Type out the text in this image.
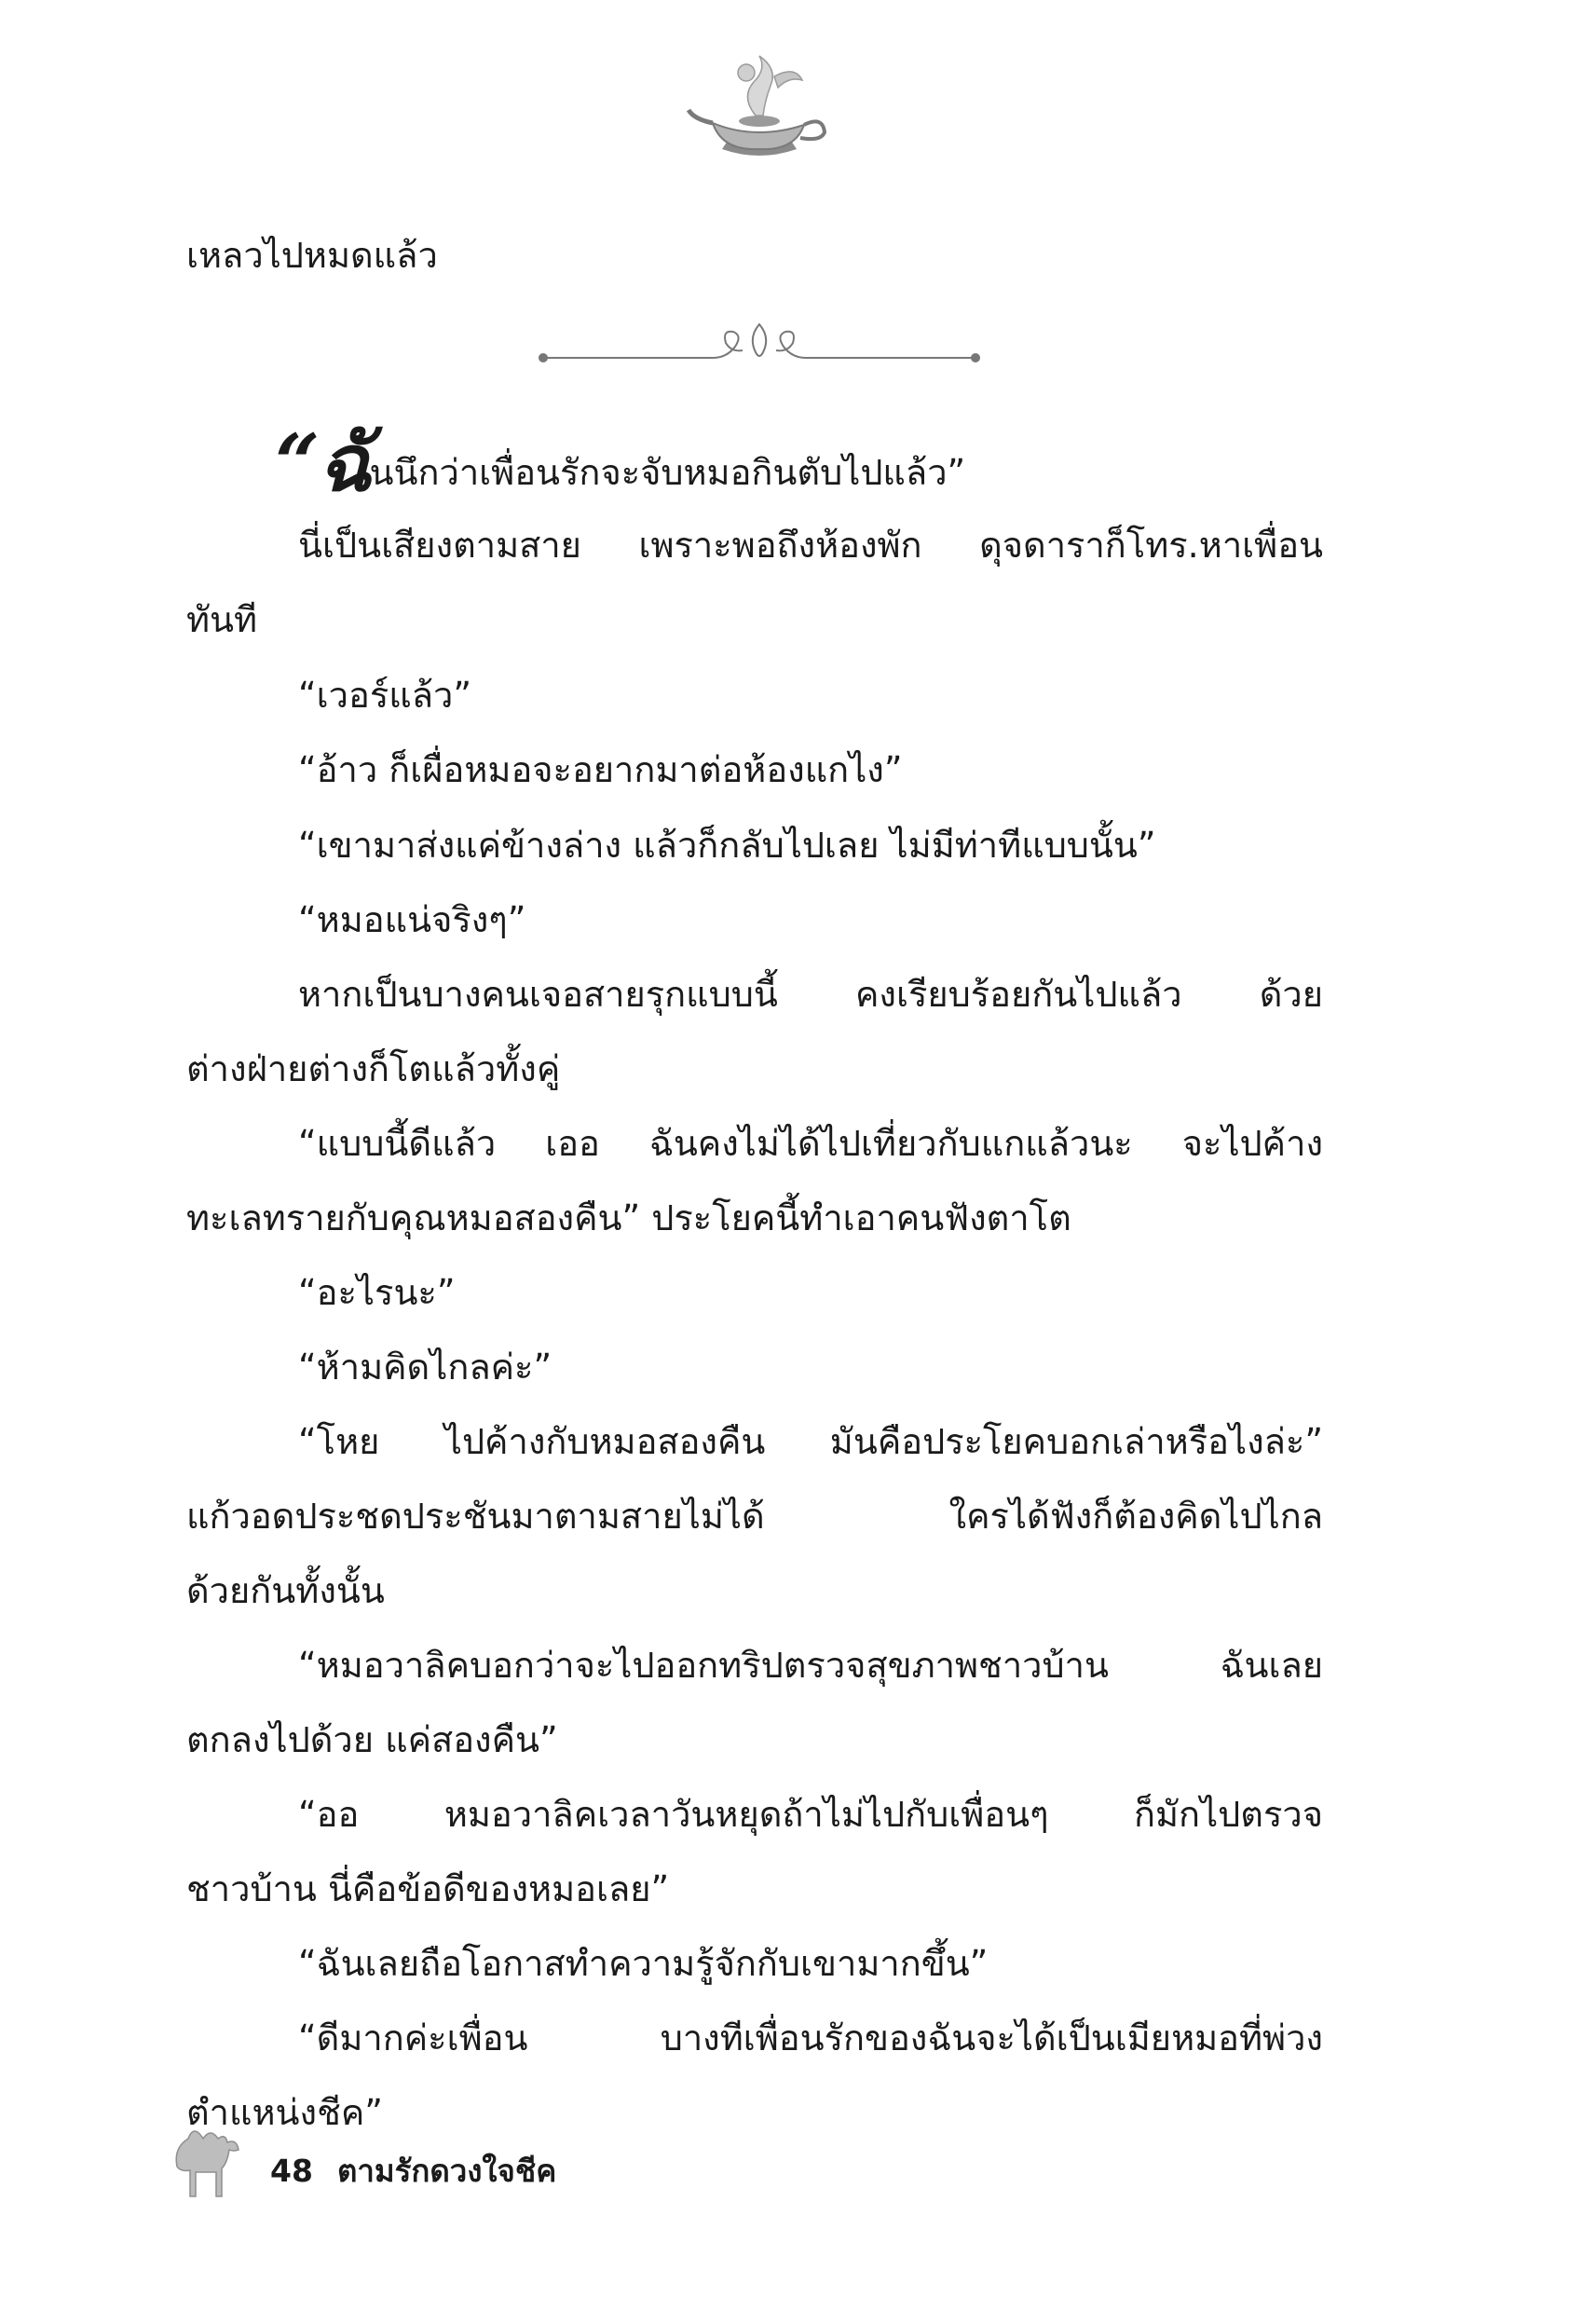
เหลวไปหมดแล้ว
“ฉันนึกว่าเพื่อนรักจะจับหมอกินตับไปแล้ว”
นี่เป็นเสียงตามสาย เพราะพอถึงห้องพัก ดุจดาราก็โทร.หาเพื่อน
ทันที
“เวอร์แล้ว”
“อ้าว ก็เผื่อหมอจะอยากมาต่อห้องแกไง”
“เขามาส่งแค่ข้างล่าง แล้วก็กลับไปเลย ไม่มีท่าทีแบบนั้น”
“หมอแน่จริงๆ”
หากเป็นบางคนเจอสายรุกแบบนี้ คงเรียบร้อยกันไปแล้ว ด้วย
ต่างฝ่ายต่างก็โตแล้วทั้งคู่
“แบบนี้ดีแล้ว เออ ฉันคงไม่ได้ไปเที่ยวกับแกแล้วนะ จะไปค้าง
ทะเลทรายกับคุณหมอสองคืน” ประโยคนี้ทำเอาคนฟังตาโต
“อะไรนะ”
“ห้ามคิดไกลค่ะ”
“โหย ไปค้างกับหมอสองคืน มันคือประโยคบอกเล่าหรือไงล่ะ”
แก้วอดประชดประชันมาตามสายไม่ได้ ใครได้ฟังก็ต้องคิดไปไกล
ด้วยกันทั้งนั้น
“หมอวาลิคบอกว่าจะไปออกทริปตรวจสุขภาพชาวบ้าน ฉันเลย
ตกลงไปด้วย แค่สองคืน”
“ออ หมอวาลิคเวลาวันหยุดถ้าไม่ไปกับเพื่อนๆ ก็มักไปตรวจ
ชาวบ้าน นี่คือข้อดีของหมอเลย”
“ฉันเลยถือโอกาสทำความรู้จักกับเขามากขึ้น”
“ดีมากค่ะเพื่อน บางทีเพื่อนรักของฉันจะได้เป็นเมียหมอที่พ่วง
ตำแหน่งชีค”
48 ตามรักดวงใจชีค
